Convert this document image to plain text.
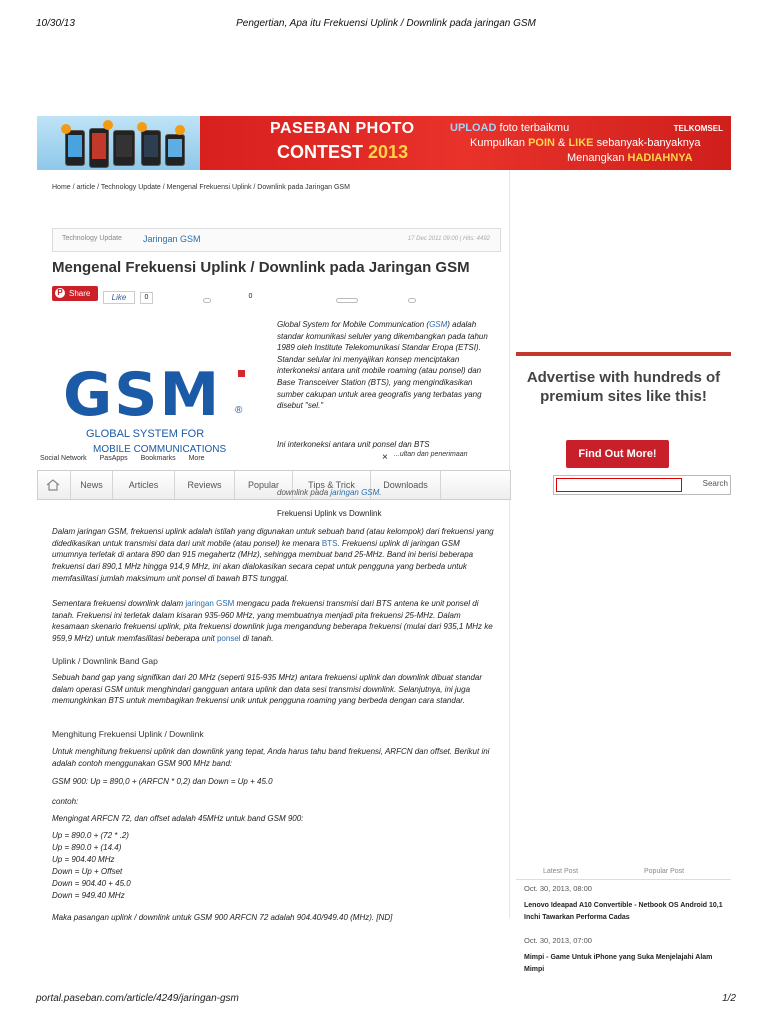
10/30/13	Pengertian, Apa itu Frekuensi Uplink / Downlink pada jaringan GSM
PASEBAN PHOTO
CONTEST 2013
UPLOAD foto terbaikmu
Kumpulkan POIN & LIKE sebanyak-banyaknya
Menangkan HADIAHNYA
TELKOMSEL
Home / article / Technology Update / Mengenal Frekuensi Uplink / Downlink pada Jaringan GSM
Technology Update Jaringan GSM	17 Dec 2011 09:00 | Hits: 4492
Mengenal Frekuensi Uplink / Downlink pada Jaringan GSM
P Share	Like	0	0
GSM ®
GLOBAL SYSTEM FOR
MOBILE COMMUNICATIONS
Global System for Mobile Communication (GSM) adalah standar komunikasi seluler yang dikembangkan pada tahun 1989 oleh Institute Telekomunikasi Standar Eropa (ETSI). Standar selular ini menyajikan konsep menciptakan interkoneksi antara unit mobile roaming (atau ponsel) dan Base Transceiver Station (BTS), yang mengindikasikan sumber cakupan untuk area geografis yang terbatas yang disebut "sel."
Ini interkoneksi antara unit ponsel dan BTS
...ultan dan penerimaan
Social Network PasApps Bookmarks More	×
News	Articles	Reviews	Popular	Tips & Trick	Downloads
downlink pada jaringan GSM.
Frekuensi Uplink vs Downlink
Dalam jaringan GSM, frekuensi uplink adalah istilah yang digunakan untuk sebuah band (atau kelompok) dari frekuensi yang didedikasikan untuk transmisi data dari unit mobile (atau ponsel) ke menara BTS. Frekuensi uplink di jaringan GSM umumnya terletak di antara 890 dan 915 megahertz (MHz), sehingga membuat band 25-MHz. Band ini berisi beberapa frekuensi dari 890,1 MHz hingga 914,9 MHz, ini akan dialokasikan secara cepat untuk pengguna yang berbeda untuk memfasilitasi jumlah maksimum unit ponsel di bawah BTS tunggal.
Sementara frekuensi downlink dalam jaringan GSM mengacu pada frekuensi transmisi dari BTS antena ke unit ponsel di tanah. Frekuensi ini terletak dalam kisaran 935-960 MHz, yang membuatnya menjadi pita frekuensi 25-MHz. Dalam kesamaan skenario frekuensi uplink, pita frekuensi downlink juga mengandung beberapa frekuensi (mulai dari 935,1 MHz ke 959,9 MHz) untuk memfasilitasi beberapa unit ponsel di tanah.
Uplink / Downlink Band Gap
Sebuah band gap yang signifikan dari 20 MHz (seperti 915-935 MHz) antara frekuensi uplink dan downlink dibuat standar dalam operasi GSM untuk menghindari gangguan antara uplink dan data sesi transmisi downlink. Selanjutnya, ini juga memungkinkan BTS untuk membagikan frekuensi unik untuk pengguna roaming yang berbeda dengan cara standar.
Menghitung Frekuensi Uplink / Downlink
Untuk menghitung frekuensi uplink dan downlink yang tepat, Anda harus tahu band frekuensi, ARFCN dan offset. Berikut ini adalah contoh menggunakan GSM 900 MHz band:
GSM 900: Up = 890,0 + (ARFCN * 0,2) dan Down = Up + 45.0
contoh:
Mengingat ARFCN 72, dan offset adalah 45MHz untuk band GSM 900:
Up = 890.0 + (72 * .2)
Up = 890.0 + (14.4)
Up = 904.40 MHz
Down = Up + Offset
Down = 904.40 + 45.0
Down = 949.40 MHz
Maka pasangan uplink / downlink untuk GSM 900 ARFCN 72 adalah 904.40/949.40 (MHz). [ND]
Advertise with hundreds of premium sites like this!
Find Out More!
Search
Latest Post	Popular Post
Oct. 30, 2013, 08:00
Lenovo Ideapad A10 Convertible - Netbook OS Android 10,1 Inchi Tawarkan Performa Cadas
Oct. 30, 2013, 07:00
Mimpi - Game Untuk iPhone yang Suka Menjelajahi Alam Mimpi
portal.paseban.com/article/4249/jaringan-gsm	1/2
